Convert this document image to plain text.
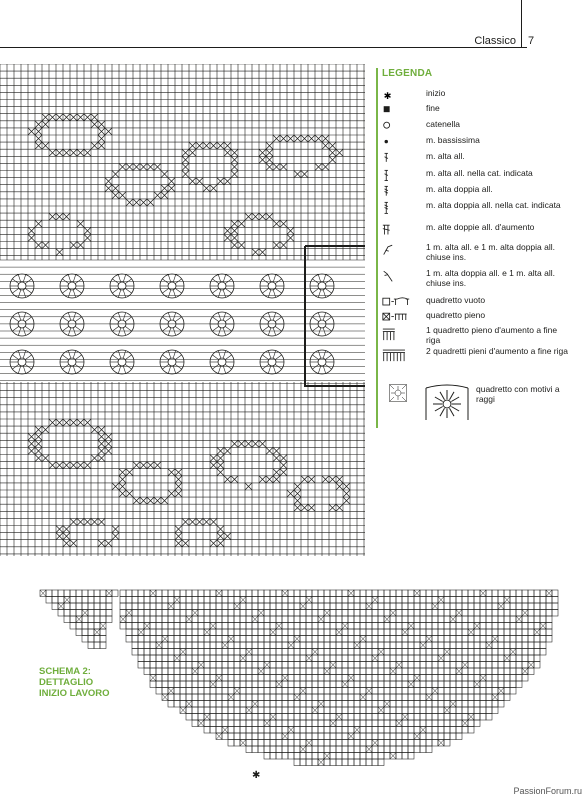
Classico 7
LEGENDA
✱	inizio
fine
catenella
m. bassissima
m. alta all.
m. alta all. nella cat. indicata
m. alta doppia all.
m. alta doppia all. nella cat. indicata
m. alte doppie all. d'aumento
1 m. alta all. e 1 m. alta doppia all. chiuse ins.
1 m. alta doppia all. e 1 m. alta all. chiuse ins.
quadretto vuoto
quadretto pieno
1 quadretto pieno d'aumento a fine riga
2 quadretti pieni d'aumento a fine riga
quadretto con motivi a raggi
✱
SCHEMA 2:
DETTAGLIO
INIZIO LAVORO
PassionForum.ru
